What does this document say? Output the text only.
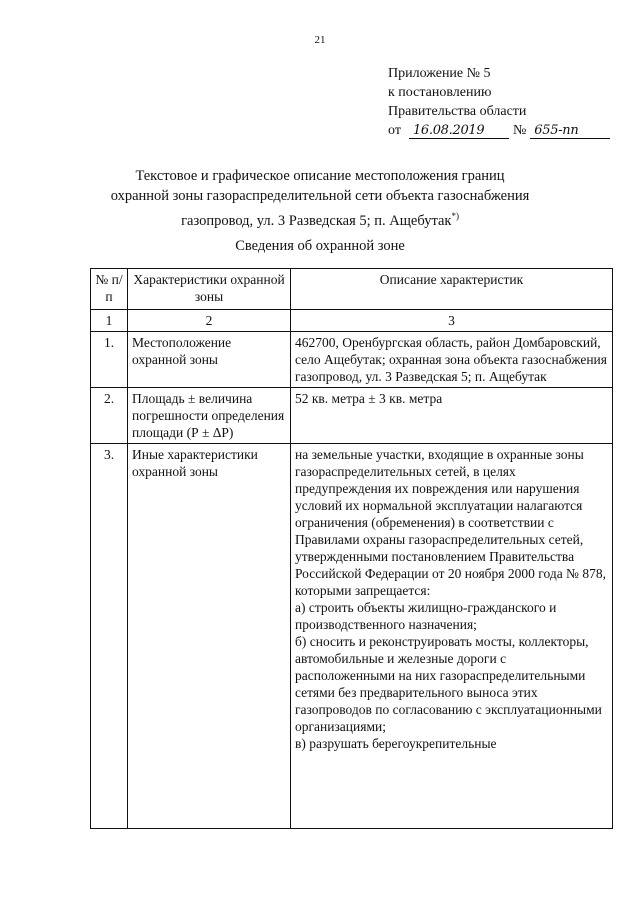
21
Приложение № 5
к постановлению
Правительства области
от 16.08.2019	№ 655-пп
Текстовое и графическое описание местоположения границ
охранной зоны газораспределительной сети объекта газоснабжения
газопровод, ул. 3 Разведская 5; п. Ащебутак*)
Сведения об охранной зоне
№ п/п	Характеристики охранной зоны	Описание характеристик
1	2	3
1.	Местоположение охранной зоны	462700, Оренбургская область, район Домбаровский, село Ащебутак; охранная зона объекта газоснабжения газопровод, ул. 3 Разведская 5; п. Ащебутак
2.	Площадь ± величина погрешности определения площади (Р ± ΔР)	52 кв. метра ± 3 кв. метра
3.	Иные характеристики охранной зоны	на земельные участки, входящие в охранные зоны газораспределительных сетей, в целях предупреждения их повреждения или нарушения условий их нормальной эксплуатации налагаются ограничения (обременения) в соответствии с Правилами охраны газораспределительных сетей, утвержденными постановлением Правительства Российской Федерации от 20 ноября 2000 года № 878, которыми запрещается:
а) строить объекты жилищно-гражданского и производственного назначения;
б) сносить и реконструировать мосты, коллекторы, автомобильные и железные дороги с расположенными на них газораспределительными сетями без предварительного выноса этих газопроводов по согласованию с эксплуатационными организациями;
в) разрушать берегоукрепительные
